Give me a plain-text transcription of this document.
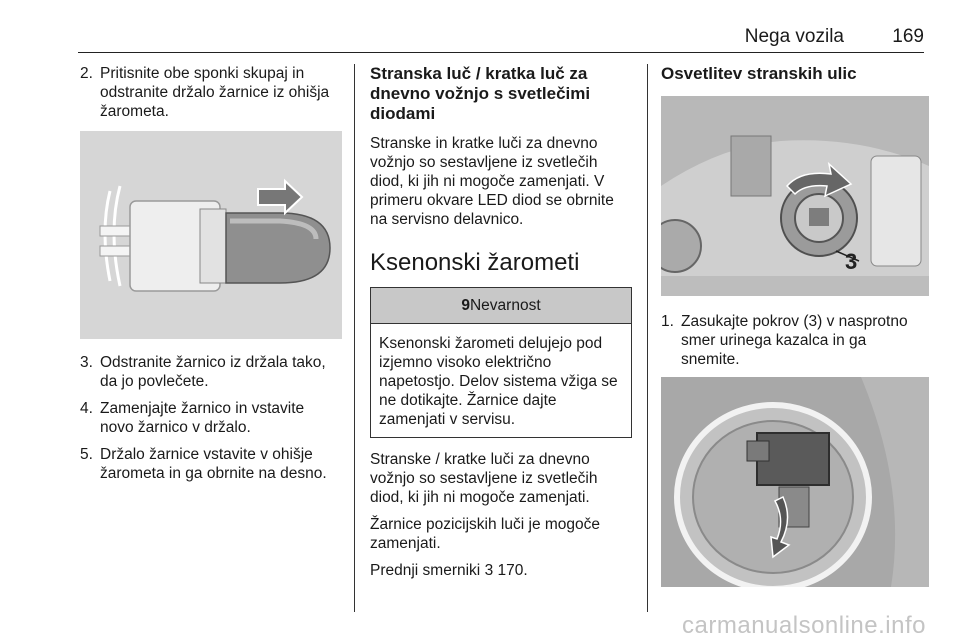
Nega vozila	169
2. Pritisnite obe sponki skupaj in odstranite držalo žarnice iz ohišja žarometa.
3. Odstranite žarnico iz držala tako, da jo povlečete.
4. Zamenjajte žarnico in vstavite novo žarnico v držalo.
5. Držalo žarnice vstavite v ohišje žarometa in ga obrnite na desno.
Stranska luč / kratka luč za dnevno vožnjo s svetlečimi diodami

Stranske in kratke luči za dnevno vožnjo so sestavljene iz svetlečih diod, ki jih ni mogoče zamenjati. V primeru okvare LED diod se obrnite na servisno delavnico.

Ksenonski žarometi
9Nevarnost
Ksenonski žarometi delujejo pod izjemno visoko električno napetostjo. Delov sistema vžiga se ne dotikajte. Žarnice dajte zamenjati v servisu.

Stranske / kratke luči za dnevno vožnjo so sestavljene iz svetlečih diod, ki jih ni mogoče zamenjati.

Žarnice pozicijskih luči je mogoče zamenjati.

Prednji smerniki 3 170.

Osvetlitev stranskih ulic
3
1. Zasukajte pokrov (3) v nasprotno smer urinega kazalca in ga snemite.
carmanualsonline.info
